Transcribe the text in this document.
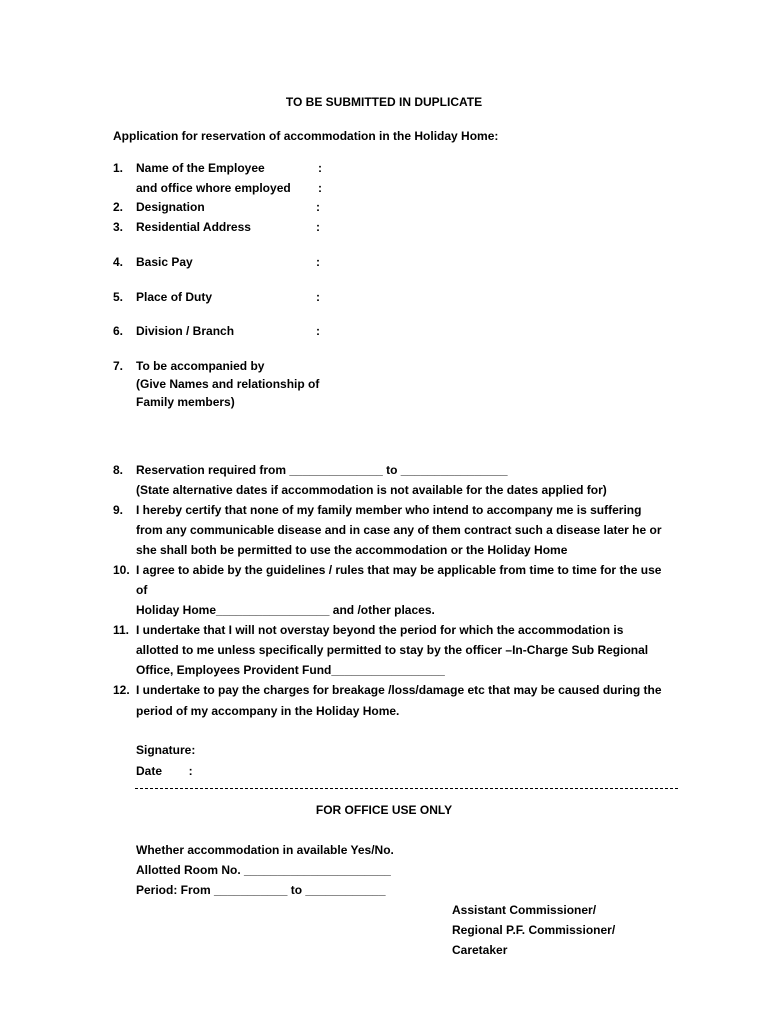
TO BE SUBMITTED IN DUPLICATE
Application for reservation of accommodation in the Holiday Home:
1. Name of the Employee	:
and office whore employed :
2. Designation	:
3. Residential Address	:
4. Basic Pay	:
5. Place of Duty	:
6. Division / Branch	:
7. To be accompanied by
(Give Names and relationship of
Family members)
8. Reservation required from ______________ to ________________
(State alternative dates if accommodation is not available for the dates applied for)
9. I hereby certify that none of my family member who intend to accompany me is suffering
from any communicable disease and in case any of them contract such a disease later he or
she shall both be permitted to use the accommodation or the Holiday Home
10. I agree to abide by the guidelines / rules that may be applicable from time to time for the use
of
Holiday Home_________________ and /other places.
11. I undertake that I will not overstay beyond the period for which the accommodation is
allotted to me unless specifically permitted to stay by the officer –In-Charge Sub Regional
Office, Employees Provident Fund_________________
12. I undertake to pay the charges for breakage /loss/damage etc that may be caused during the
period of my accompany in the Holiday Home.
Signature:
Date        :
FOR OFFICE USE ONLY
Whether accommodation in available Yes/No.
Allotted Room No. ______________________
Period: From ___________ to ____________
Assistant Commissioner/
Regional P.F. Commissioner/
Caretaker
